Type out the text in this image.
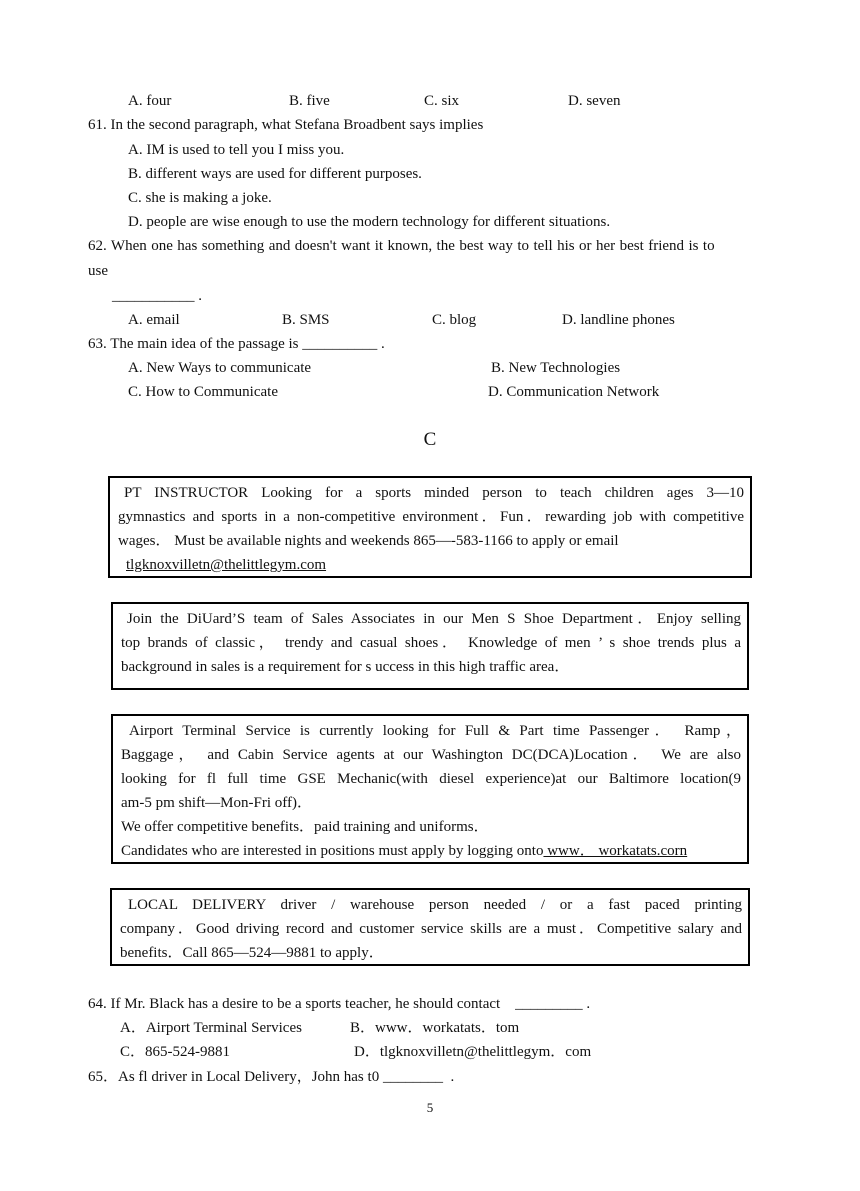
A. four	B. five	C. six	D. seven
61. In the second paragraph, what Stefana Broadbent says implies
A. IM is used to tell you I miss you.
B. different ways are used for different purposes.
C. she is making a joke.
D. people are wise enough to use the modern technology for different situations.
62. When one has something and doesn't want it known, the best way to tell his or her best friend is to
use
___________ .
A. email	B. SMS	C. blog	D. landline phones
63. The main idea of the passage is __________ .
A. New Ways to communicate	B. New Technologies
C. How to Communicate	D. Communication Network
C

PT INSTRUCTOR Looking for a sports minded person to teach children ages 3—10

gymnastics and sports in a non-competitive environment．Fun．rewarding job with competitive

wages． Must be available nights and weekends 865—-583-1166 to apply or email

tlgknoxvilletn@thelittlegym.com

Join the DiUard’S team of Sales Associates in our Men S Shoe Department．Enjoy selling

top brands of classic， trendy and casual shoes． Knowledge of men ’ s shoe trends plus a

background in sales is a requirement for s uccess in this high traffic area．

Airport Terminal Service is currently looking for Full & Part time Passenger． Ramp，

Baggage， and Cabin Service agents at our Washington DC(DCA)Location． We are also

looking for fl full time GSE Mechanic(with diesel experience)at our Baltimore location(9

am-5 pm shift—Mon-Fri off)．

We offer competitive benefits．paid training and uniforms．

Candidates who are interested in positions must apply by logging onto www． workatats.corn

LOCAL DELIVERY driver / warehouse person needed / or a fast paced printing

company．Good driving record and customer service skills are a must．Competitive salary and

benefits．Call 865—524—9881 to apply．

64. If Mr. Black has a desire to be a sports teacher, he should contact    _________ .
A．Airport Terminal Services	B．www．workatats．tom
C．865-524-9881	D．tlgknoxvilletn@thelittlegym．com
65．As fl driver in Local Delivery，John has t0 ________  .
5
